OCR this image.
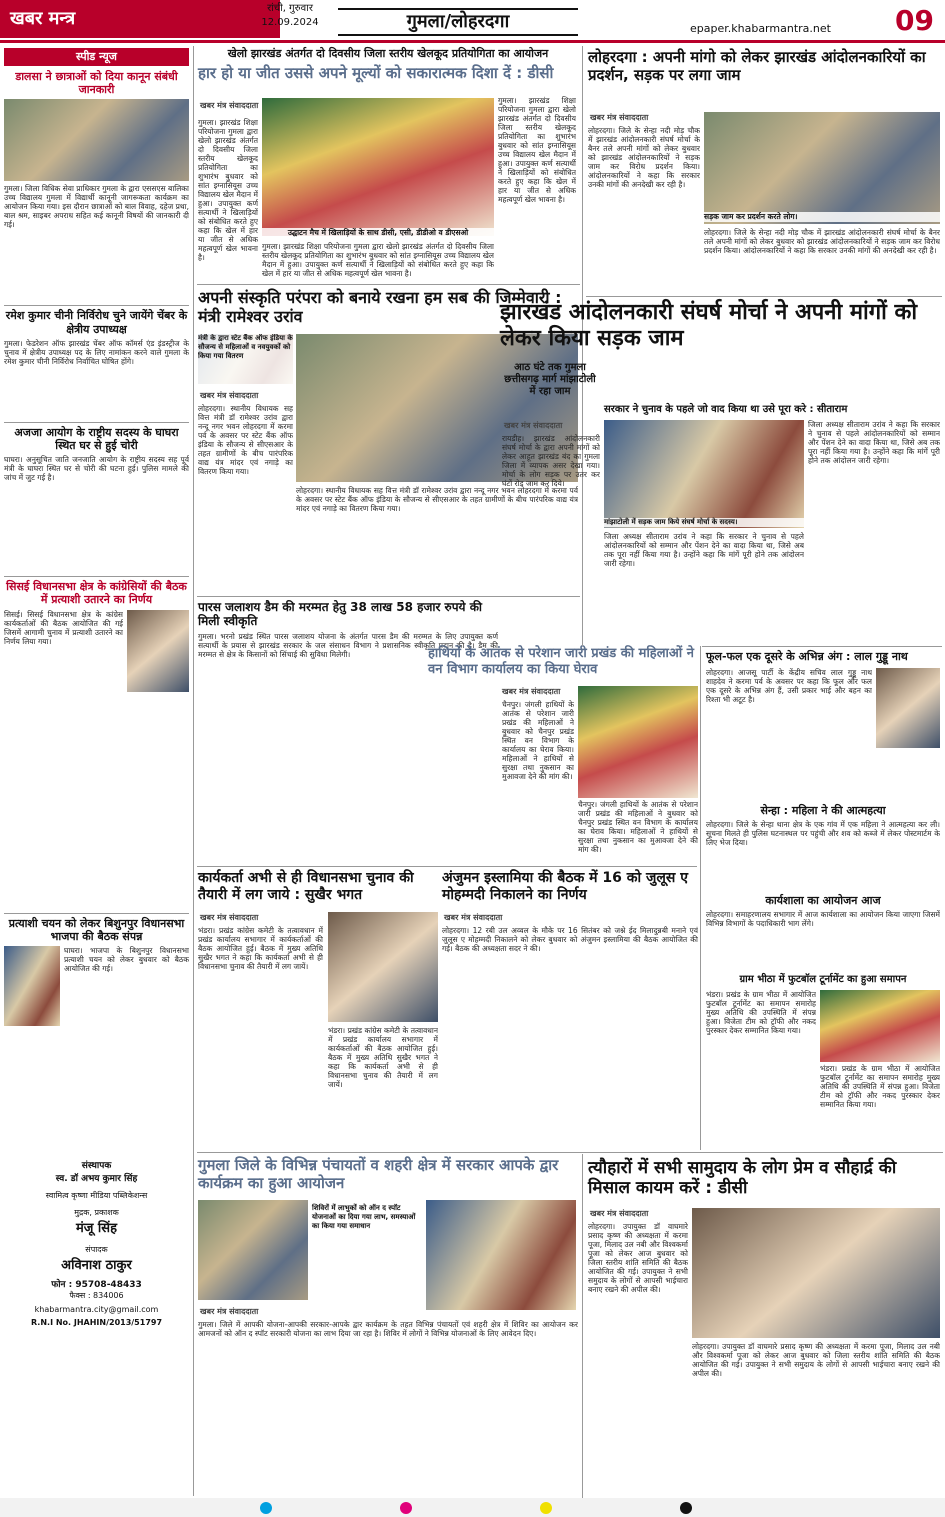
खबर मन्त्र	रांची, गुरुवार
12.09.2024	गुमला/लोहरदगा	epaper.khabarmantra.net 09
स्पीड न्यूज
डालसा ने छात्राओं को दिया कानून संबंधी जानकारी
गुमला। जिला विधिक सेवा प्राधिकार गुमला के द्वारा एससएस बालिका उच्च विद्यालय गुमला में विद्यार्थी कानूनी जागरूकता कार्यक्रम का आयोजन किया गया। इस दौरान छात्राओं को बाल विवाह, दहेज प्रथा, बाल श्रम, साइबर अपराध सहित कई कानूनी विषयों की जानकारी दी गई।
रमेश कुमार चीनी निर्विरोध चुने जायेंगे चेंबर के क्षेत्रीय उपाध्यक्ष
गुमला। फेडरेशन ऑफ झारखंड चेंबर ऑफ कॉमर्स एंड इंडस्ट्रीज के चुनाव में क्षेत्रीय उपाध्यक्ष पद के लिए नामांकन करने वाले गुमला के रमेश कुमार चीनी निर्विरोध निर्वाचित घोषित होंगे।
अजजा आयोग के राष्ट्रीय सदस्य के घाघरा स्थित घर से हुई चोरी
घाघरा। अनुसूचित जाति जनजाति आयोग के राष्ट्रीय सदस्य सह पूर्व मंत्री के घाघरा स्थित घर से चोरी की घटना हुई। पुलिस मामले की जांच में जुट गई है।
सिसई विधानसभा क्षेत्र के कांग्रेसियों की बैठक में प्रत्याशी उतारने का निर्णय
सिसई। सिसई विधानसभा क्षेत्र के कांग्रेस कार्यकर्ताओं की बैठक आयोजित की गई जिसमें आगामी चुनाव में प्रत्याशी उतारने का निर्णय लिया गया।
प्रत्याशी चयन को लेकर बिशुनपुर विधानसभा भाजपा की बैठक संपन्न
घाघरा। भाजपा के बिशुनपुर विधानसभा प्रत्याशी चयन को लेकर बुधवार को बैठक आयोजित की गई।
संस्थापक
स्व. डॉ अभय कुमार सिंह
स्वामित्व कृष्णा मीडिया पब्लिकेशन्स
मुद्रक, प्रकाशक
मंजू सिंह
संपादक
अविनाश ठाकुर
फोन : 95708-48433
फैक्स : 834006
khabarmantra.city@gmail.com
R.N.I No. JHAHIN/2013/51797
खेलो झारखंड अंतर्गत दो दिवसीय जिला स्तरीय खेलकूद प्रतियोगिता का आयोजन
हार हो या जीत उससे अपने मूल्यों को सकारात्मक दिशा दें : डीसी
खबर मंत्र संवाददाता
गुमला। झारखंड शिक्षा परियोजना गुमला द्वारा खेलो झारखंड अंतर्गत दो दिवसीय जिला स्तरीय खेलकूद प्रतियोगिता का शुभारंभ बुधवार को सांत इग्नासियूस उच्च विद्यालय खेल मैदान में हुआ। उपायुक्त कर्ण सत्यार्थी ने खिलाड़ियों को संबोधित करते हुए कहा कि खेल में हार या जीत से अधिक महत्वपूर्ण खेल भावना है।
उद्घाटन मैच में खिलाड़ियों के साथ डीसी, एसी, डीडीओ व डीएसओ
गुमला। झारखंड शिक्षा परियोजना गुमला द्वारा खेलो झारखंड अंतर्गत दो दिवसीय जिला स्तरीय खेलकूद प्रतियोगिता का शुभारंभ बुधवार को सांत इग्नासियूस उच्च विद्यालय खेल मैदान में हुआ। उपायुक्त कर्ण सत्यार्थी ने खिलाड़ियों को संबोधित करते हुए कहा कि खेल में हार या जीत से अधिक महत्वपूर्ण खेल भावना है।
गुमला। झारखंड शिक्षा परियोजना गुमला द्वारा खेलो झारखंड अंतर्गत दो दिवसीय जिला स्तरीय खेलकूद प्रतियोगिता का शुभारंभ बुधवार को सांत इग्नासियूस उच्च विद्यालय खेल मैदान में हुआ। उपायुक्त कर्ण सत्यार्थी ने खिलाड़ियों को संबोधित करते हुए कहा कि खेल में हार या जीत से अधिक महत्वपूर्ण खेल भावना है।
अपनी संस्कृति परंपरा को बनाये रखना हम सब की जिम्मेवारी : मंत्री रामेश्वर उरांव
मंत्री के द्वारा स्टेट बैंक ऑफ इंडिया के सौजन्य से महिलाओं व नवयुवकों को किया गया वितरण
खबर मंत्र संवाददाता
लोहरदगा। स्थानीय विधायक सह वित्त मंत्री डॉ रामेश्वर उरांव द्वारा नन्दू नगर भवन लोहरदगा में करमा पर्व के अवसर पर स्टेट बैंक ऑफ इंडिया के सौजन्य से सीएसआर के तहत ग्रामीणों के बीच पारंपरिक वाद्य यंत्र मांदर एवं नगाड़े का वितरण किया गया।
लोहरदगा। स्थानीय विधायक सह वित्त मंत्री डॉ रामेश्वर उरांव द्वारा नन्दू नगर भवन लोहरदगा में करमा पर्व के अवसर पर स्टेट बैंक ऑफ इंडिया के सौजन्य से सीएसआर के तहत ग्रामीणों के बीच पारंपरिक वाद्य यंत्र मांदर एवं नगाड़े का वितरण किया गया।
पारस जलाशय डैम की मरम्मत हेतु 38 लाख 58 हजार रुपये की मिली स्वीकृति
गुमला। भरनो प्रखंड स्थित पारस जलाशय योजना के अंतर्गत पारस डैम की मरम्मत के लिए उपायुक्त कर्ण सत्यार्थी के प्रयास से झारखंड सरकार के जल संसाधन विभाग ने प्रशासनिक स्वीकृति प्रदान की है। डैम की मरम्मत से क्षेत्र के किसानों को सिंचाई की सुविधा मिलेगी।	हाथियों के आतंक से परेशान जारी प्रखंड की महिलाओं ने वन विभाग कार्यालय का किया घेराव
खबर मंत्र संवाददाता
चैनपुर। जंगली हाथियों के आतंक से परेशान जारी प्रखंड की महिलाओं ने बुधवार को चैनपुर प्रखंड स्थित वन विभाग के कार्यालय का घेराव किया। महिलाओं ने हाथियों से सुरक्षा तथा नुकसान का मुआवजा देने की मांग की।
चैनपुर। जंगली हाथियों के आतंक से परेशान जारी प्रखंड की महिलाओं ने बुधवार को चैनपुर प्रखंड स्थित वन विभाग के कार्यालय का घेराव किया। महिलाओं ने हाथियों से सुरक्षा तथा नुकसान का मुआवजा देने की मांग की।
कार्यकर्ता अभी से ही विधानसभा चुनाव की तैयारी में लग जाये : सुखैर भगत
खबर मंत्र संवाददाता
भंडरा। प्रखंड कांग्रेस कमेटी के तत्वावधान में प्रखंड कार्यालय सभागार में कार्यकर्ताओं की बैठक आयोजित हुई। बैठक में मुख्य अतिथि सुखैर भगत ने कहा कि कार्यकर्ता अभी से ही विधानसभा चुनाव की तैयारी में लग जायें।
भंडरा। प्रखंड कांग्रेस कमेटी के तत्वावधान में प्रखंड कार्यालय सभागार में कार्यकर्ताओं की बैठक आयोजित हुई। बैठक में मुख्य अतिथि सुखैर भगत ने कहा कि कार्यकर्ता अभी से ही विधानसभा चुनाव की तैयारी में लग जायें।
अंजुमन इस्लामिया की बैठक में 16 को जुलूस ए मोहम्मदी निकालने का निर्णय
खबर मंत्र संवाददाता
लोहरदगा। 12 रबी उल अव्वल के मौके पर 16 सितंबर को जश्ने ईद मिलादुन्नबी मनाने एवं जुलूस ए मोहम्मदी निकालने को लेकर बुधवार को अंजुमन इस्लामिया की बैठक आयोजित की गई। बैठक की अध्यक्षता सदर ने की।
लोहरदगा : अपनी मांगो को लेकर झारखंड आंदोलनकारियों का प्रदर्शन, सड़क पर लगा जाम
खबर मंत्र संवाददाता
लोहरदगा। जिले के सेन्हा नदी मोड़ चौक में झारखंड आंदोलनकारी संघर्ष मोर्चा के बैनर तले अपनी मांगों को लेकर बुधवार को झारखंड आंदोलनकारियों ने सड़क जाम कर विरोध प्रदर्शन किया। आंदोलनकारियों ने कहा कि सरकार उनकी मांगों की अनदेखी कर रही है।
सड़क जाम कर प्रदर्शन करते लोग।
लोहरदगा। जिले के सेन्हा नदी मोड़ चौक में झारखंड आंदोलनकारी संघर्ष मोर्चा के बैनर तले अपनी मांगों को लेकर बुधवार को झारखंड आंदोलनकारियों ने सड़क जाम कर विरोध प्रदर्शन किया। आंदोलनकारियों ने कहा कि सरकार उनकी मांगों की अनदेखी कर रही है।
झारखंड आंदोलनकारी संघर्ष मोर्चा ने अपनी मांगों को लेकर किया सड़क जाम
आठ घंटे तक गुमला छत्तीसगढ़ मार्ग मांझाटोली में रहा जाम
खबर मंत्र संवाददाता
रायडीह। झारखंड आंदोलनकारी संघर्ष मोर्चा के द्वारा अपनी मांगों को लेकर आहूत झारखंड बंद का गुमला जिला में व्यापक असर देखा गया। मोर्चा के लोग सड़क पर उतर कर घंटों रोड जाम कर दिये।
सरकार ने चुनाव के पहले जो वाद किया था उसे पूरा करे : सीताराम
मांझाटोली में सड़क जाम किये संघर्ष मोर्चा के सदस्य।
जिला अध्यक्ष सीताराम उरांव ने कहा कि सरकार ने चुनाव से पहले आंदोलनकारियों को सम्मान और पेंशन देने का वादा किया था, जिसे अब तक पूरा नहीं किया गया है। उन्होंने कहा कि मांगें पूरी होने तक आंदोलन जारी रहेगा।
जिला अध्यक्ष सीताराम उरांव ने कहा कि सरकार ने चुनाव से पहले आंदोलनकारियों को सम्मान और पेंशन देने का वादा किया था, जिसे अब तक पूरा नहीं किया गया है। उन्होंने कहा कि मांगें पूरी होने तक आंदोलन जारी रहेगा।
फूल-फल एक दूसरे के अभिन्न अंग : लाल गुड्डू नाथ
लोहरदगा। आजसू पार्टी के केंद्रीय सचिव लाल गुड्डू नाथ शाहदेव ने करमा पर्व के अवसर पर कहा कि फूल और फल एक दूसरे के अभिन्न अंग हैं, उसी प्रकार भाई और बहन का रिश्ता भी अटूट है।
सेन्हा : महिला ने की आत्महत्या
लोहरदगा। जिले के सेन्हा थाना क्षेत्र के एक गांव में एक महिला ने आत्महत्या कर ली। सूचना मिलते ही पुलिस घटनास्थल पर पहुंची और शव को कब्जे में लेकर पोस्टमार्टम के लिए भेज दिया।
कार्यशाला का आयोजन आज
लोहरदगा। समाहरणालय सभागार में आज कार्यशाला का आयोजन किया जाएगा जिसमें विभिन्न विभागों के पदाधिकारी भाग लेंगे।
ग्राम भीठा में फुटबॉल टूर्नामेंट का हुआ समापन
भंडरा। प्रखंड के ग्राम भीठा में आयोजित फुटबॉल टूर्नामेंट का समापन समारोह मुख्य अतिथि की उपस्थिति में संपन्न हुआ। विजेता टीम को ट्रॉफी और नकद पुरस्कार देकर सम्मानित किया गया।
भंडरा। प्रखंड के ग्राम भीठा में आयोजित फुटबॉल टूर्नामेंट का समापन समारोह मुख्य अतिथि की उपस्थिति में संपन्न हुआ। विजेता टीम को ट्रॉफी और नकद पुरस्कार देकर सम्मानित किया गया।
गुमला जिले के विभिन्न पंचायतों व शहरी क्षेत्र में सरकार आपके द्वार कार्यक्रम का हुआ आयोजन
शिविरों में लाभुकों को ऑन द स्पॉट योजनाओं का दिया गया लाभ, समस्याओं का किया गया समाधान
खबर मंत्र संवाददाता
गुमला। जिले में आपकी योजना-आपकी सरकार-आपके द्वार कार्यक्रम के तहत विभिन्न पंचायतों एवं शहरी क्षेत्र में शिविर का आयोजन कर आमजनों को ऑन द स्पॉट सरकारी योजना का लाभ दिया जा रहा है। शिविर में लोगों ने विभिन्न योजनाओं के लिए आवेदन दिए।
त्यौहारों में सभी सामुदाय के लोग प्रेम व सौहार्द्र की मिसाल कायम करें : डीसी
खबर मंत्र संवाददाता
लोहरदगा। उपायुक्त डॉ वाघमारे प्रसाद कृष्ण की अध्यक्षता में करमा पूजा, मिलाद उल नबी और विश्वकर्मा पूजा को लेकर आज बुधवार को जिला स्तरीय शांति समिति की बैठक आयोजित की गई। उपायुक्त ने सभी समुदाय के लोगों से आपसी भाईचारा बनाए रखने की अपील की।
लोहरदगा। उपायुक्त डॉ वाघमारे प्रसाद कृष्ण की अध्यक्षता में करमा पूजा, मिलाद उल नबी और विश्वकर्मा पूजा को लेकर आज बुधवार को जिला स्तरीय शांति समिति की बैठक आयोजित की गई। उपायुक्त ने सभी समुदाय के लोगों से आपसी भाईचारा बनाए रखने की अपील की।
